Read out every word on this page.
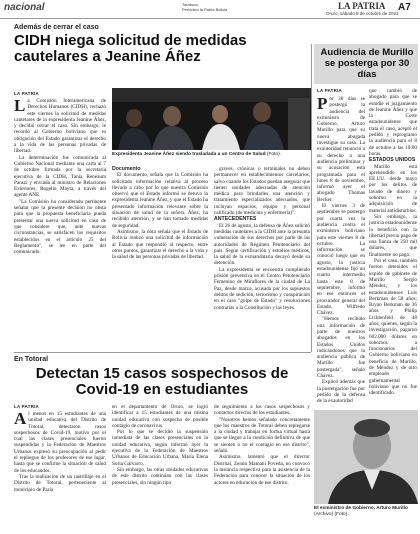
nacional	Tarabuco
Periódico la Patria Bolivia	LA PATRIA
Oruro, sábado 9 de octubre de 2021
A7
Además de cerrar el caso
CIDH niega solicitud de medidas cautelares a Jeanine Áñez
LA PATRIA

La Comisión Interamericana de Derechos Humanos (CIDH), rechazó este viernes la solicitud de medidas cautelares de la expresidenta Jeanine Áñez, y decidió cerrar el caso. Sin embargo, le recordó al Gobierno boliviano que es obligación del Estado garantizar el derecho a la vida de las personas privadas de libertad.

La determinación fue comunicada al Gobierno Nacional mediante una carta al 7 de octubre firmada por la secretaría ejecutiva de la CIDH, Tania Reneaum Panszi y enviada al ministro de Relaciones Exteriores, Rogelio Mayta, a través del agente ANE.

"La Comisión ha considerado pertinente señalar que la presente decisión no obsta para que la propuesta beneficiaria pueda presentar una nueva solicitud en caso de que considere que, ante nuevas circunstancias, se satisfacen los requisitos establecidos en el artículo 25 del Reglamento", se lee en parte del comunicado.

Expresidenta Jeanine Áñez siendo trasladada a un Centro de Salud (Foto).

Documento

El documento, señala que la Comisión ha solicitado información relativa al proceso llevado a cabo por lo que nuestra Comisión observó que el Estado informó se detuvo la expresidenta Jeanine Áñez, y que el Estado ha presentado información relevante sobre la situación de salud de la señora Áñez, ha recibido atención, y se han tomado medidas de seguridad.

Asimismo, la nota señala que el Estado de Bolivia realizó una solicitud de información al Estado que respondió al respecto, entre otros puntos, garantizar el derecho a la vida y la salud de las personas privadas de libertad.

graves, crónicas o terminales no deben permanecer en establecimientos carcelarios, salvo cuando los Estados puedan asegurar que tienen unidades adecuadas de atención médica para brindarles una atención y tratamiento especializados adecuados, que incluyan espacios, equipo y personal calificado (de medicina y enfermería)".

ANTECEDENTES

El 26 de agosto, la defensa de Áñez solicitó medidas cautelares a la CIDH ante la presunta vulneración de sus derechos por parte de las autoridades de Régimen Penitenciario del país. Según certificación y estudios médicos, la salud de la exmandataria decayó desde su detención.

La expresidenta se encuentra cumpliendo prisión preventiva en el Centro Penitenciario Femenino de Miraflores de la ciudad de La Paz, desde marzo, acusada por los supuestos delitos de sedición, terrorismo y conspiración en el caso "golpe de Estado" y resoluciones contrarias a la Constitución y las leyes.

Audiencia de Murillo se posterga por 30 días
LA PATRIA

Por 30 días se postergó la audiencia del exministro de Gobierno, Arturo Murillo para que su nueva abogada investigue su caso. La exautoridad renunció a su derecho a una audiencia preliminar y su acusación está programada para el lunes 8 de noviembre, informó ayer el abogado Thomas Becker.

El viernes 3 de septiembre se postergó por cuarta vez la audiencia contra el exministro boliviano para este viernes 8 de octubre. La información se conoció luego que en agosto, la justicia estadounidense fijó un cuarto intermedio hasta este 8 de septiembre, informó en ese entonces el procurador general del Estado, Wilfredo Chávez.

"Hemos recibido una información de parte de nuestros abogados en los Estados Unidos indicándonos que la audiencia pública de Murillo fue postergada", señaló Chávez.

Explicó además que la postergación fue por pedido de la defensa de la exautoridad

que cambió de abogado para que se estudie el juzgamiento de Jeanine Áñez y que la Corte estadounidense que trata el caso, aceptó el pedido y reprogramó la audiencia para el 8 de octubre a las 10:00 horas.

ESTADOS UNIDOS

Murillo está aprehendido en los EE.UU. desde mayo por los delitos de lavado de dinero y soborno en la adquisición de material antidisturbios.

Sin embargo, la justicia estadounidense lo benefició con la libertad previo pago de una fianza de 250 mil dólares, que finalmente no pagó.

Por el caso, también fueron detenidos el expide de gabinete de Murillo Sergio Méndez, y los estadounidenses Luis Berkman de 58 años; Bryan Berkman de 36 años y Philip Lichtenfeld de 48 años, quienes, según la investigación, pagaron 602.000 dólares en sobornos a funcionarios del Gobierno boliviano en beneficio de Murillo, de Méndez y de otro empleado gubernamental boliviano que no fue identificado.

El exministro de Gobierno, Arturo Murillo (Archivo) (Foto).
En Totoral
Detectan 15 casos sospechosos de Covid-19 en estudiantes
LA PATRIA

Al menos en 15 estudiantes de una unidad educativa del Distrito de Totoral, detectaron casos sospechosos de Covid-19, motivo por el cual las clases presenciales fueron suspendidas y la Federación de Maestros Urbanos expresó su preocupación al pedir el repliegue de los profesores de ese lugar, hasta que se confirme la situación de salud de los educandos.

Tras la realización de un rastrillaje en el Distrito de Totoral, perteneciente al municipio de Paria

en el departamento de Oruro, se logró identificar a 15 estudiantes de una misma unidad educativa con sospecha de posible contagio de coronavirus.

Por lo que se decidió la suspensión inmediata de las clases presenciales en la unidad educativa, según informó ayer la ejecutiva de la Federación de Maestros Urbanos de Educación Urbana, María Elena Soria Galvarro.

Sin embargo, las otras unidades educativas de este distrito continúan con las clases presenciales, sin ningún tipo

de seguimiento a los casos sospechosos y contactos directos de los estudiantes.

"Nosotros hemos señalado concretamente que los maestros de Totoral deben replegarse a la ciudad y trabajar en forma virtual hasta que se llegue a la condición definitiva de que se sienten o no el contagio en ese distrito", señaló.

Asimismo, lamentó que el director Distrital, Zenón Mamani Poveda, no convocó la instancia respectiva para la asistencia de la Federación para conocer la situación de los actores en educación de ese distrito.
